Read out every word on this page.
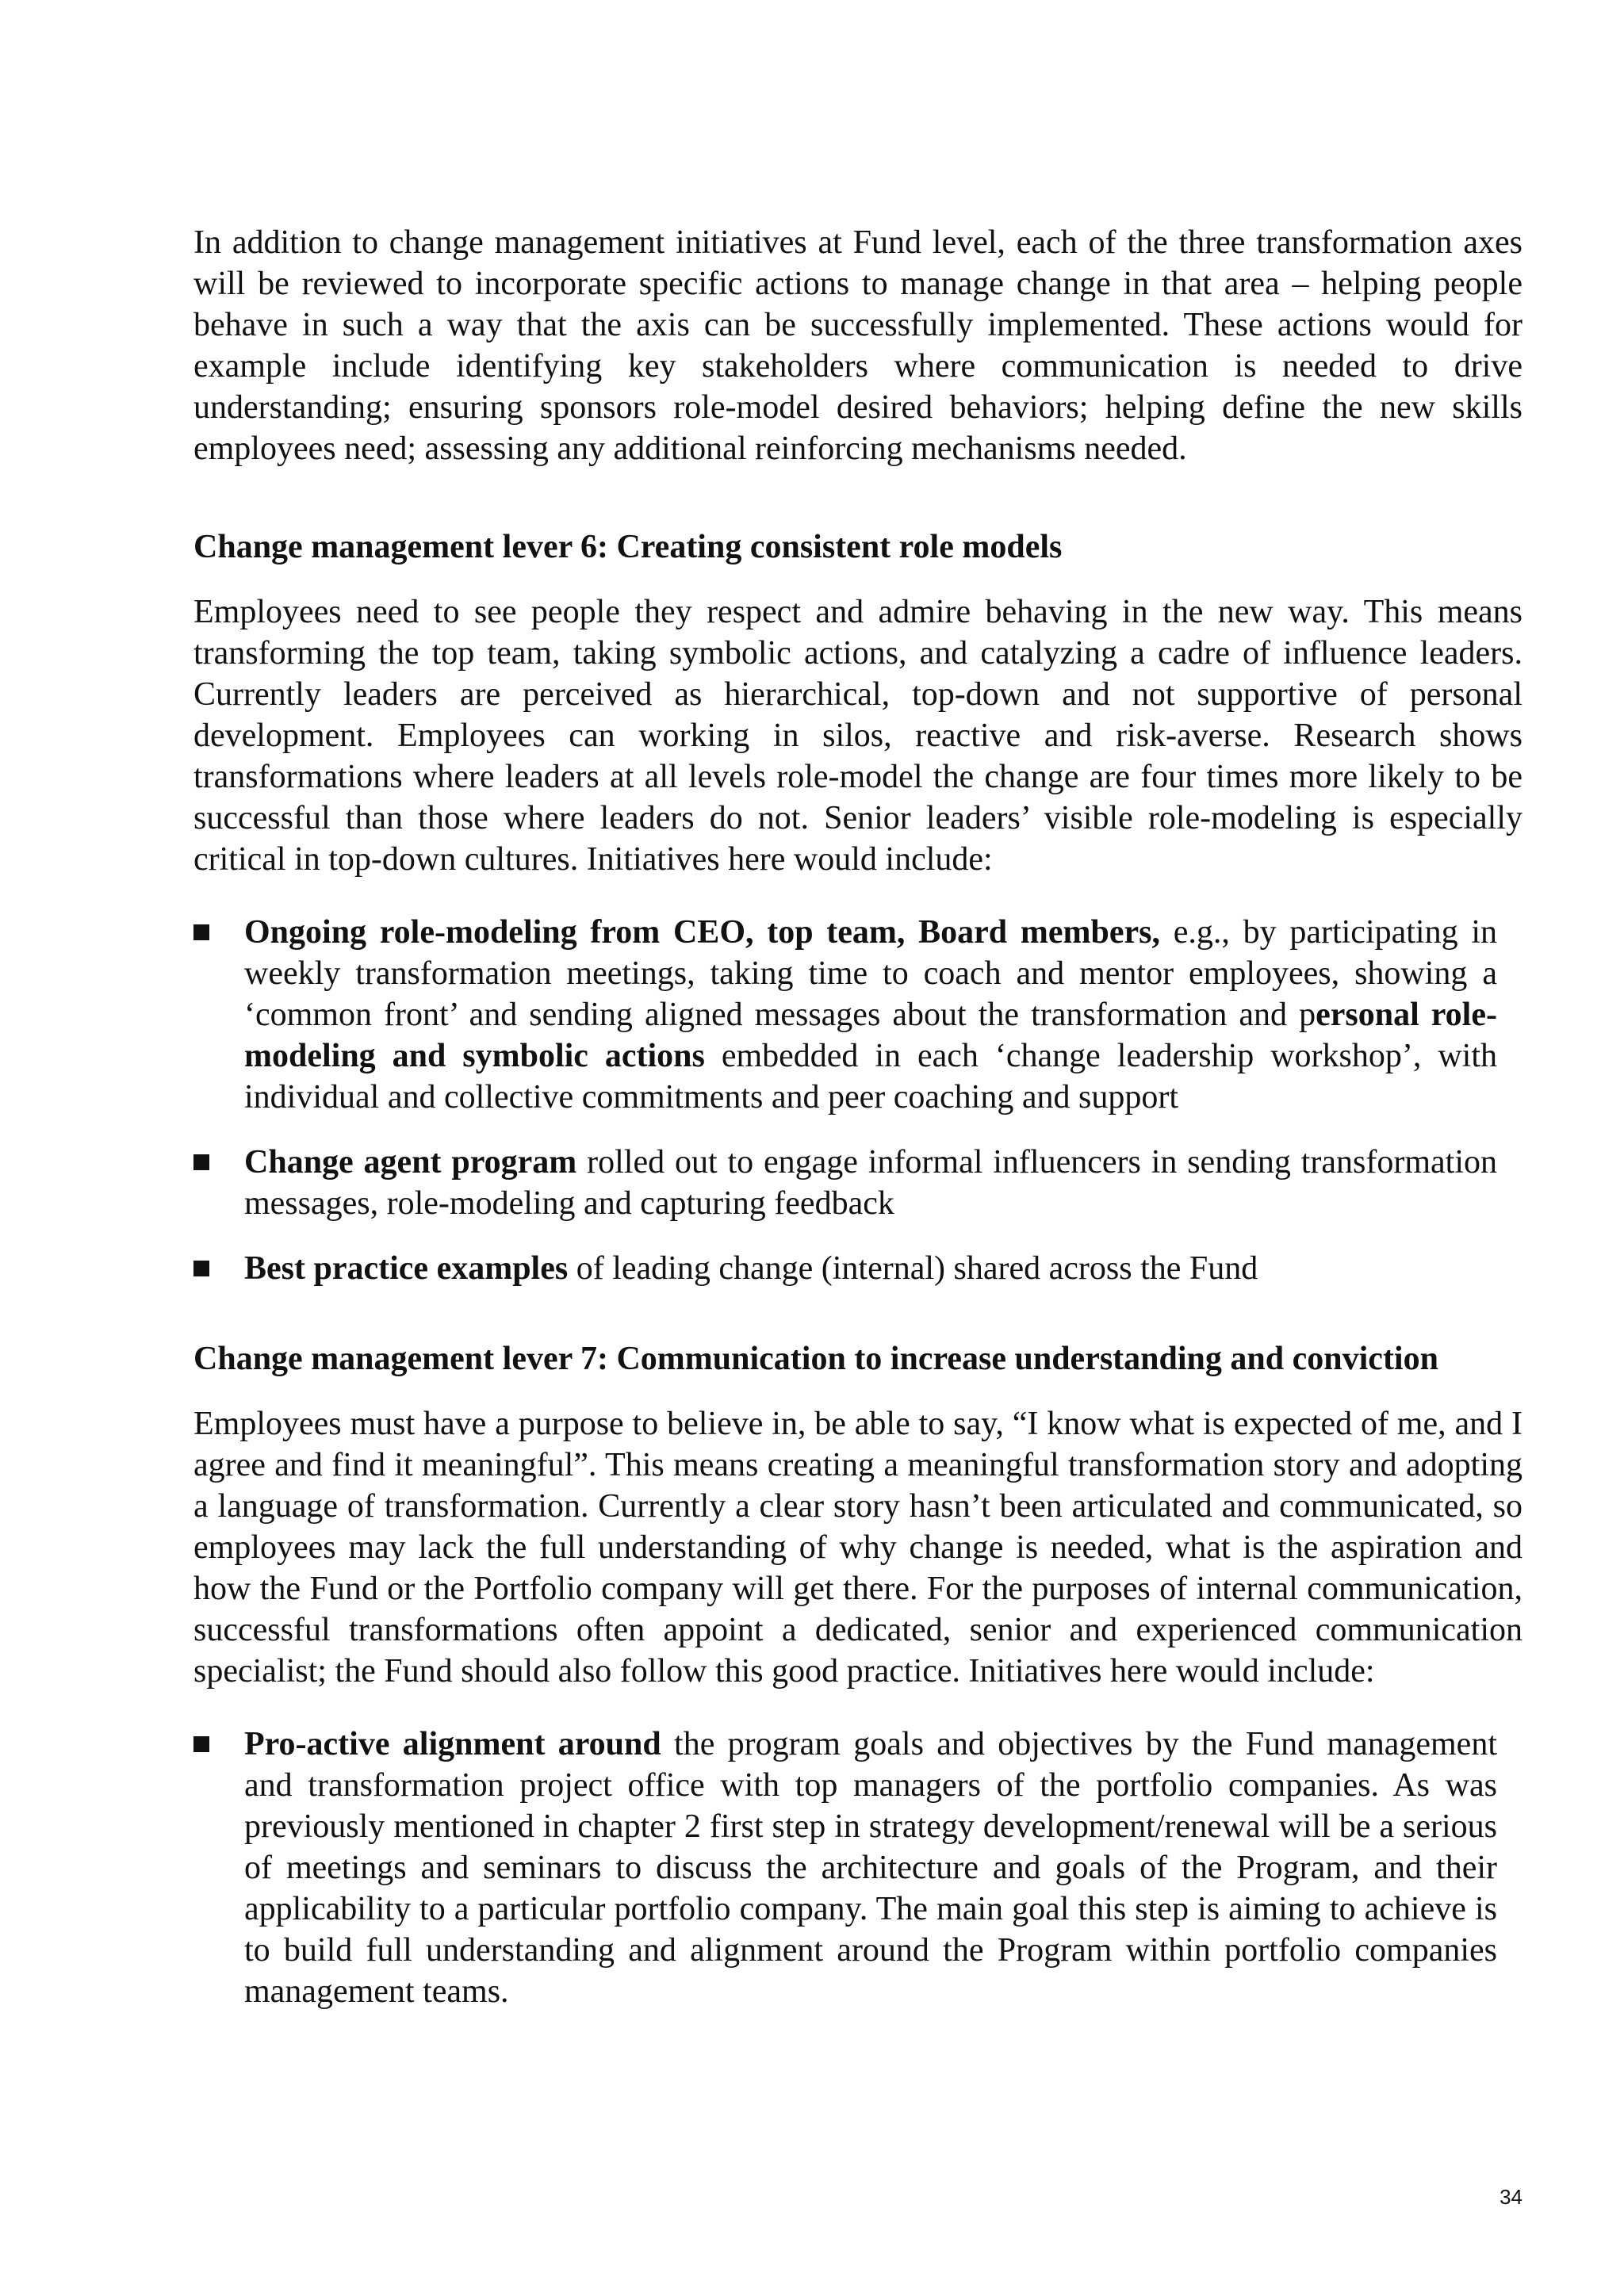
In addition to change management initiatives at Fund level, each of the three transformation axes will be reviewed to incorporate specific actions to manage change in that area – helping people behave in such a way that the axis can be successfully implemented. These actions would for example include identifying key stakeholders where communication is needed to drive understanding; ensuring sponsors role-model desired behaviors; helping define the new skills employees need; assessing any additional reinforcing mechanisms needed.

Change management lever 6: Creating consistent role models

Employees need to see people they respect and admire behaving in the new way. This means transforming the top team, taking symbolic actions, and catalyzing a cadre of influence leaders. Currently leaders are perceived as hierarchical, top-down and not supportive of personal development. Employees can working in silos, reactive and risk-averse. Research shows transformations where leaders at all levels role-model the change are four times more likely to be successful than those where leaders do not. Senior leaders’ visible role-modeling is especially critical in top-down cultures. Initiatives here would include:

Ongoing role-modeling from CEO, top team, Board members, e.g., by participating in weekly transformation meetings, taking time to coach and mentor employees, showing a ‘common front’ and sending aligned messages about the transformation and personal role-modeling and symbolic actions embedded in each ‘change leadership workshop’, with individual and collective commitments and peer coaching and support
Change agent program rolled out to engage informal influencers in sending transformation messages, role-modeling and capturing feedback
Best practice examples of leading change (internal) shared across the Fund
Change management lever 7: Communication to increase understanding and conviction

Employees must have a purpose to believe in, be able to say, “I know what is expected of me, and I agree and find it meaningful”. This means creating a meaningful transformation story and adopting a language of transformation. Currently a clear story hasn’t been articulated and communicated, so employees may lack the full understanding of why change is needed, what is the aspiration and how the Fund or the Portfolio company will get there. For the purposes of internal communication, successful transformations often appoint a dedicated, senior and experienced communication specialist; the Fund should also follow this good practice. Initiatives here would include:

Pro-active alignment around the program goals and objectives by the Fund management and transformation project office with top managers of the portfolio companies. As was previously mentioned in chapter 2 first step in strategy development/renewal will be a serious of meetings and seminars to discuss the architecture and goals of the Program, and their applicability to a particular portfolio company. The main goal this step is aiming to achieve is to build full understanding and alignment around the Program within portfolio companies management teams.
34
